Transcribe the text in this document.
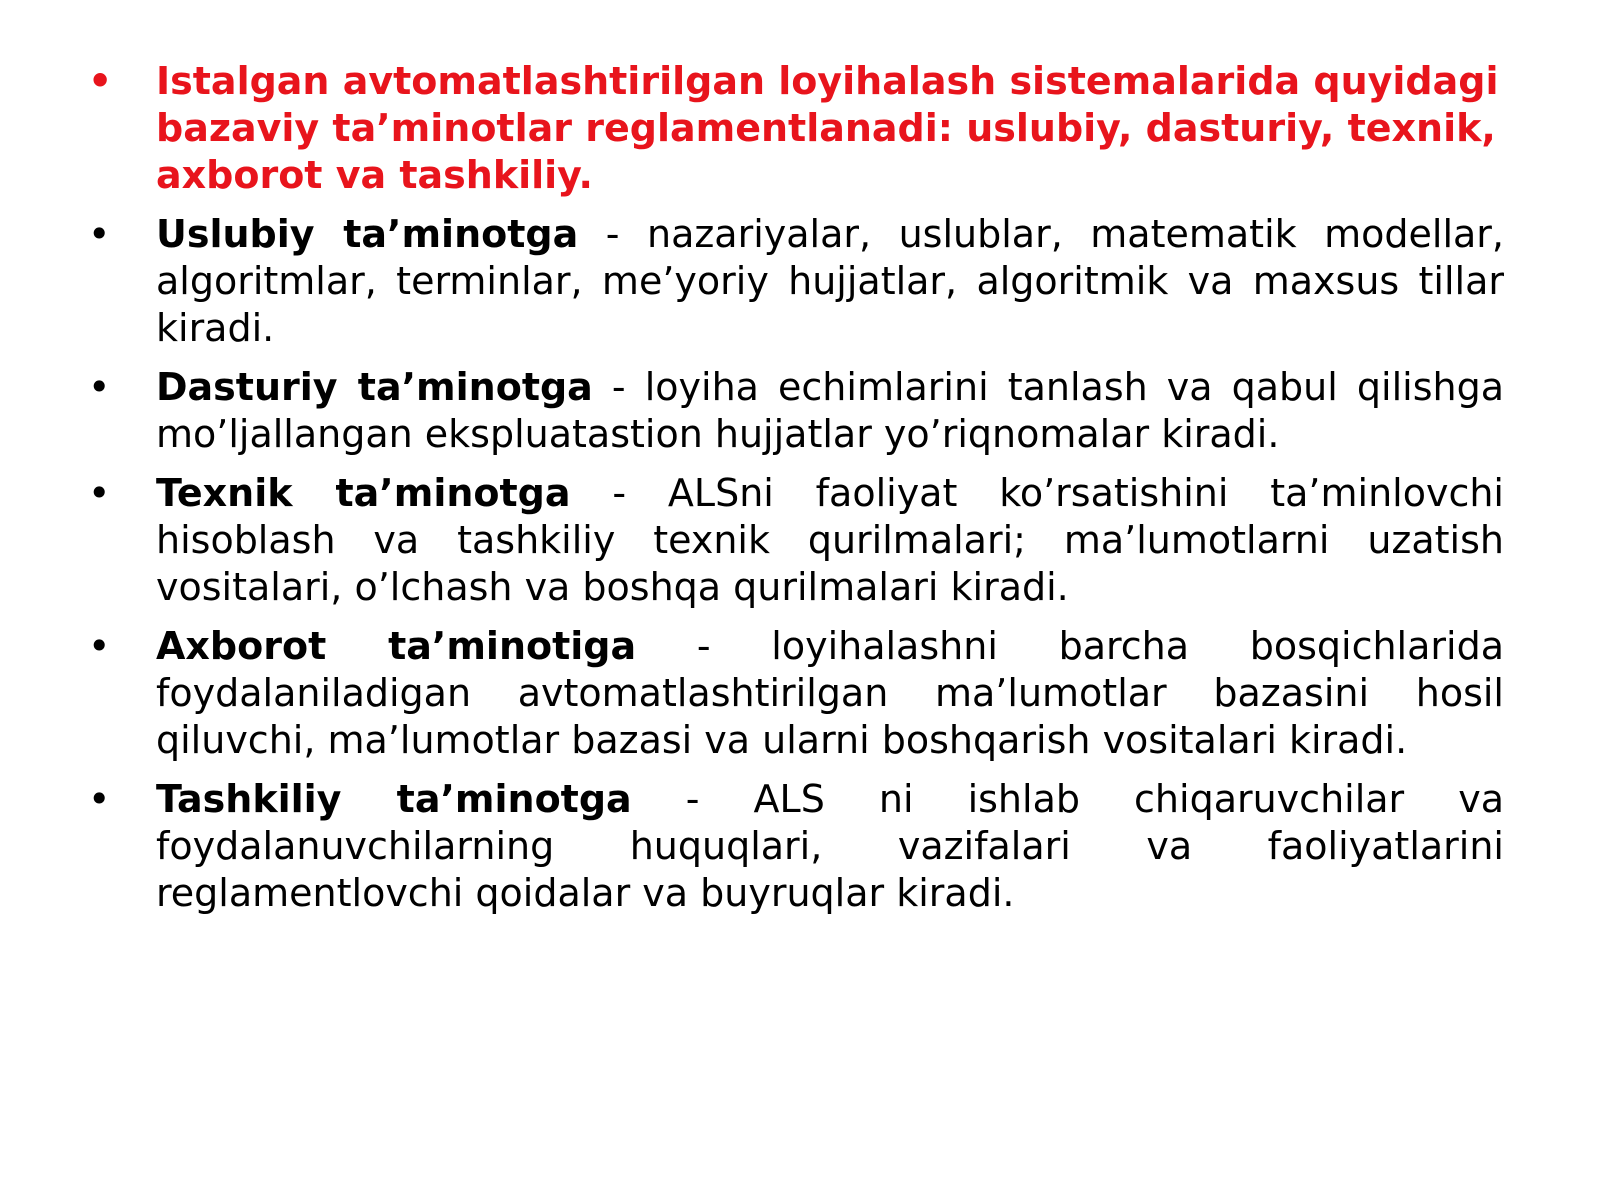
• Istalgan avtomatlashtirilgan loyihalash sistemalarida quyidagi bazaviy ta’minotlar reglamentlanadi: uslubiy, dasturiy, texnik, axborot va tashkiliy.
• Uslubiy ta’minotga - nazariyalar, uslublar, matematik modellar, algoritmlar, terminlar, me’yoriy hujjatlar, algoritmik va maxsus tillar kiradi.
• Dasturiy ta’minotga - loyiha echimlarini tanlash va qabul qilishga mo’ljallangan ekspluatastion hujjatlar yo’riqnomalar kiradi.
• Texnik ta’minotga - ALSni faoliyat ko’rsatishini ta’minlovchi hisoblash va tashkiliy texnik qurilmalari; ma’lumotlarni uzatish vositalari, o’lchash va boshqa qurilmalari kiradi.
• Axborot ta’minotiga - loyihalashni barcha bosqichlarida foydalaniladigan avtomatlashtirilgan ma’lumotlar bazasini hosil qiluvchi, ma’lumotlar bazasi va ularni boshqarish vositalari kiradi.
• Tashkiliy ta’minotga - ALS ni ishlab chiqaruvchilar va foydalanuvchilarning huquqlari, vazifalari va faoliyatlarini reglamentlovchi qoidalar va buyruqlar kiradi.
